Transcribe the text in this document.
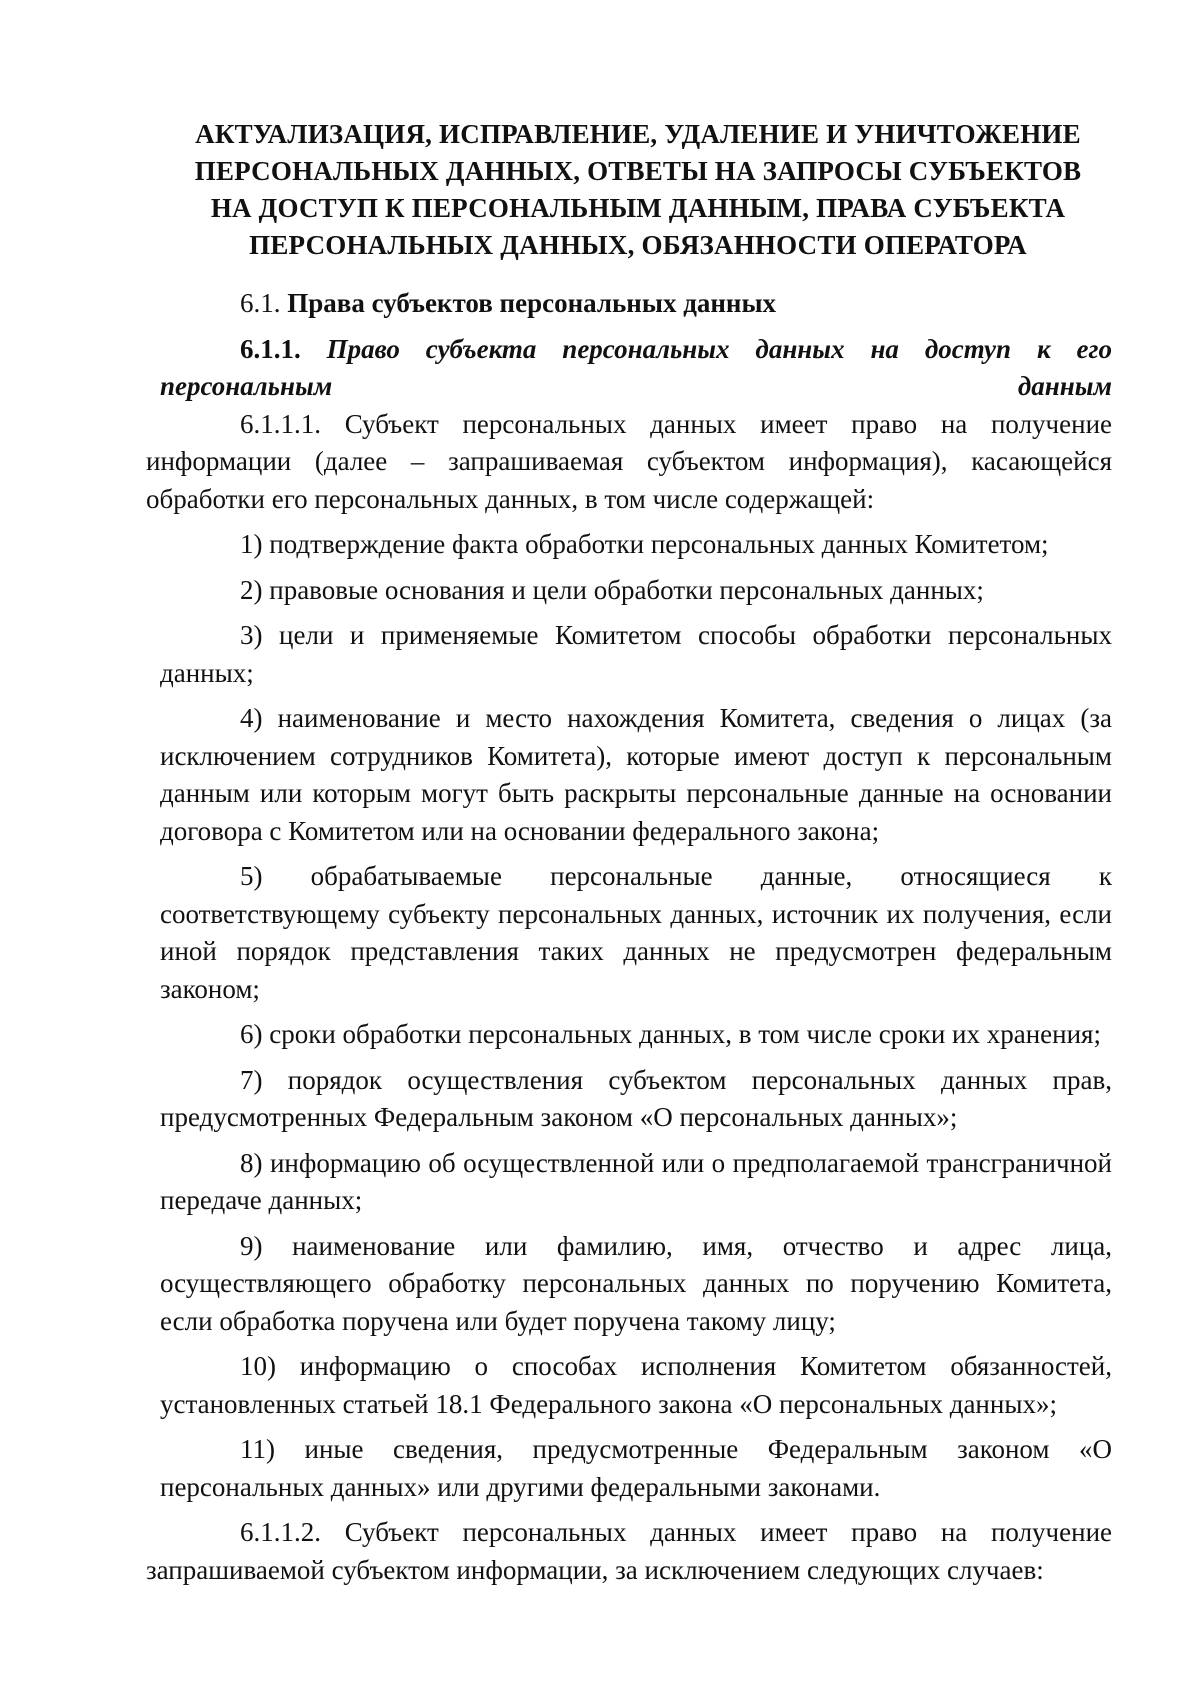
АКТУАЛИЗАЦИЯ, ИСПРАВЛЕНИЕ, УДАЛЕНИЕ И УНИЧТОЖЕНИЕ
ПЕРСОНАЛЬНЫХ ДАННЫХ, ОТВЕТЫ НА ЗАПРОСЫ СУБЪЕКТОВ
НА ДОСТУП К ПЕРСОНАЛЬНЫМ ДАННЫМ, ПРАВА СУБЪЕКТА
ПЕРСОНАЛЬНЫХ ДАННЫХ, ОБЯЗАННОСТИ ОПЕРАТОРА

6.1. Права субъектов персональных данных

6.1.1. Право субъекта персональных данных на доступ к его персональным данным

6.1.1.1. Субъект персональных данных имеет право на получение информации (далее – запрашиваемая субъектом информация), касающейся обработки его персональных данных, в том числе содержащей:

1) подтверждение факта обработки персональных данных Комитетом;

2) правовые основания и цели обработки персональных данных;

3) цели и применяемые Комитетом способы обработки персональных данных;

4) наименование и место нахождения Комитета, сведения о лицах (за исключением сотрудников Комитета), которые имеют доступ к персональным данным или которым могут быть раскрыты персональные данные на основании договора с Комитетом или на основании федерального закона;

5) обрабатываемые персональные данные, относящиеся к соответствующему субъекту персональных данных, источник их получения, если иной порядок представления таких данных не предусмотрен федеральным законом;

6) сроки обработки персональных данных, в том числе сроки их хранения;

7) порядок осуществления субъектом персональных данных прав, предусмотренных Федеральным законом «О персональных данных»;

8) информацию об осуществленной или о предполагаемой трансграничной передаче данных;

9) наименование или фамилию, имя, отчество и адрес лица, осуществляющего обработку персональных данных по поручению Комитета, если обработка поручена или будет поручена такому лицу;

10) информацию о способах исполнения Комитетом обязанностей, установленных статьей 18.1 Федерального закона «О персональных данных»;

11) иные сведения, предусмотренные Федеральным законом «О персональных данных» или другими федеральными законами.

6.1.1.2. Субъект персональных данных имеет право на получение запрашиваемой субъектом информации, за исключением следующих случаев:
